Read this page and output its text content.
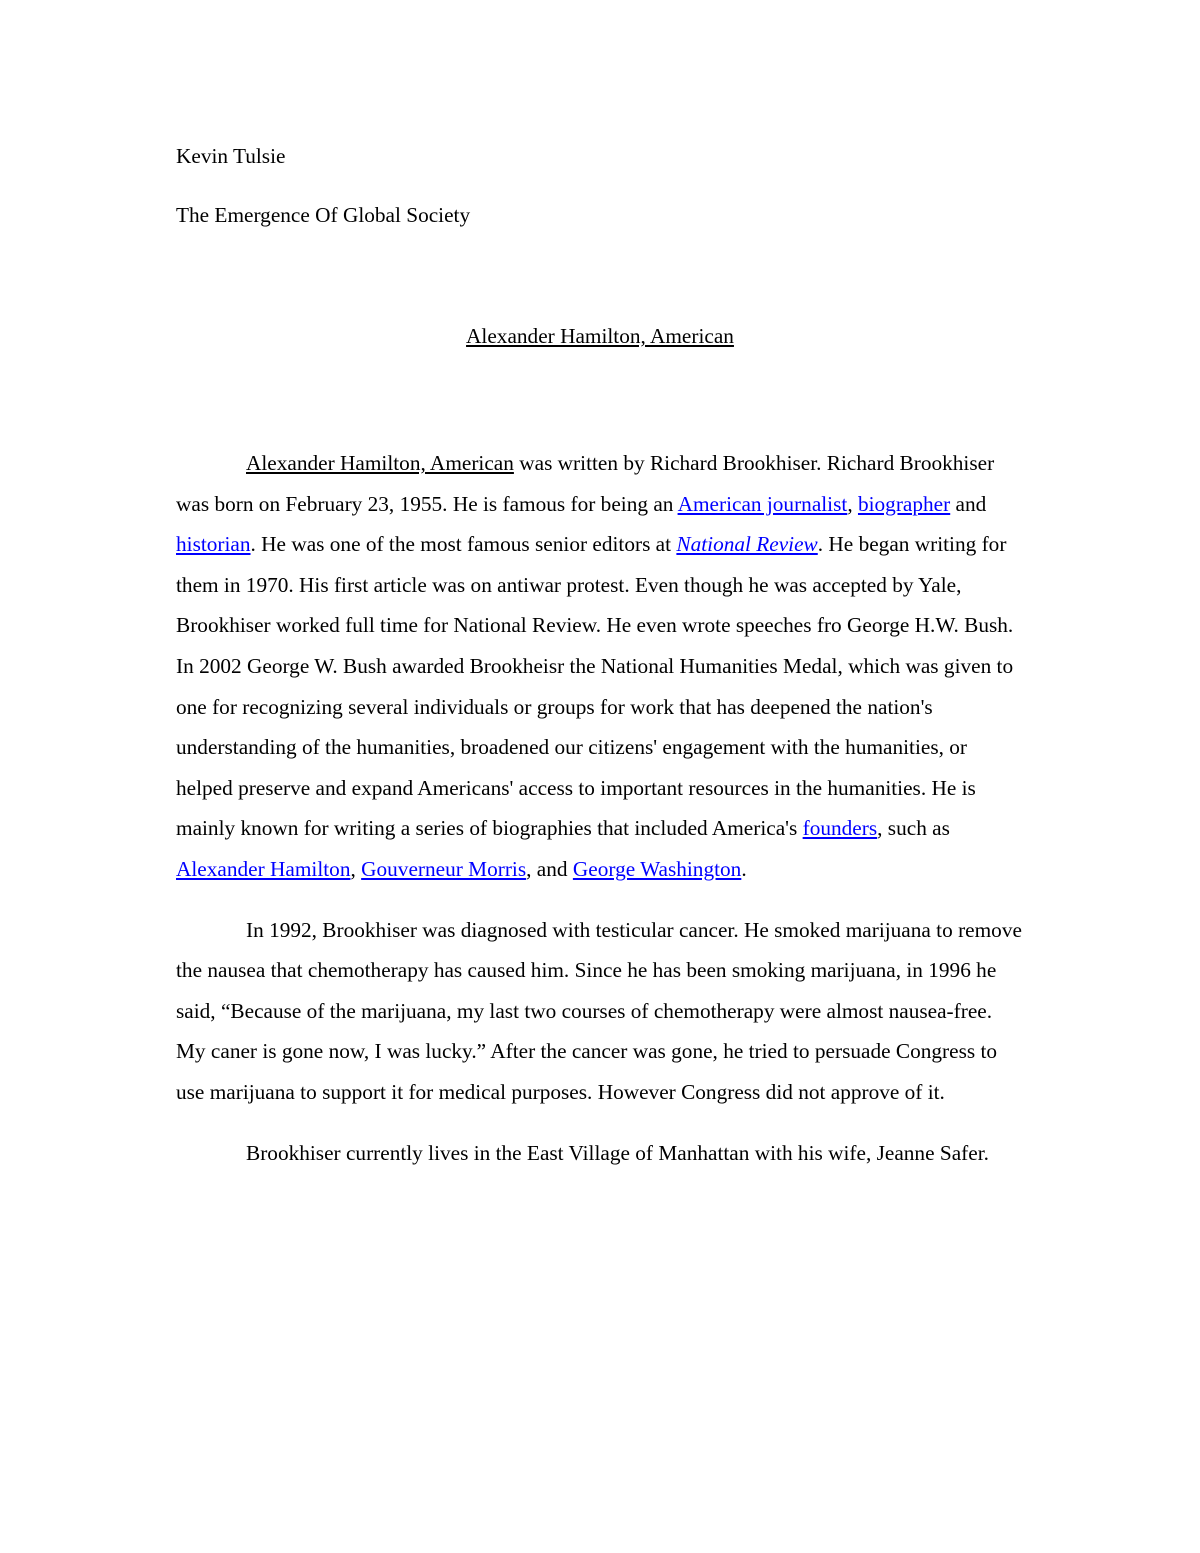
Kevin Tulsie

The Emergence Of Global Society

Alexander Hamilton, American

Alexander Hamilton, American was written by Richard Brookhiser. Richard Brookhiser was born on February 23, 1955. He is famous for being an American journalist, biographer and historian. He was one of the most famous senior editors at National Review. He began writing for them in 1970. His first article was on antiwar protest. Even though he was accepted by Yale, Brookhiser worked full time for National Review. He even wrote speeches fro George H.W. Bush. In 2002 George W. Bush awarded Brookheisr the National Humanities Medal, which was given to one for recognizing several individuals or groups for work that has deepened the nation's understanding of the humanities, broadened our citizens' engagement with the humanities, or helped preserve and expand Americans' access to important resources in the humanities. He is mainly known for writing a series of biographies that included America's founders, such as Alexander Hamilton, Gouverneur Morris, and George Washington.

In 1992, Brookhiser was diagnosed with testicular cancer. He smoked marijuana to remove the nausea that chemotherapy has caused him. Since he has been smoking marijuana, in 1996 he said, “Because of the marijuana, my last two courses of chemotherapy were almost nausea-free. My caner is gone now, I was lucky.” After the cancer was gone, he tried to persuade Congress to use marijuana to support it for medical purposes. However Congress did not approve of it.

Brookhiser currently lives in the East Village of Manhattan with his wife, Jeanne Safer.
